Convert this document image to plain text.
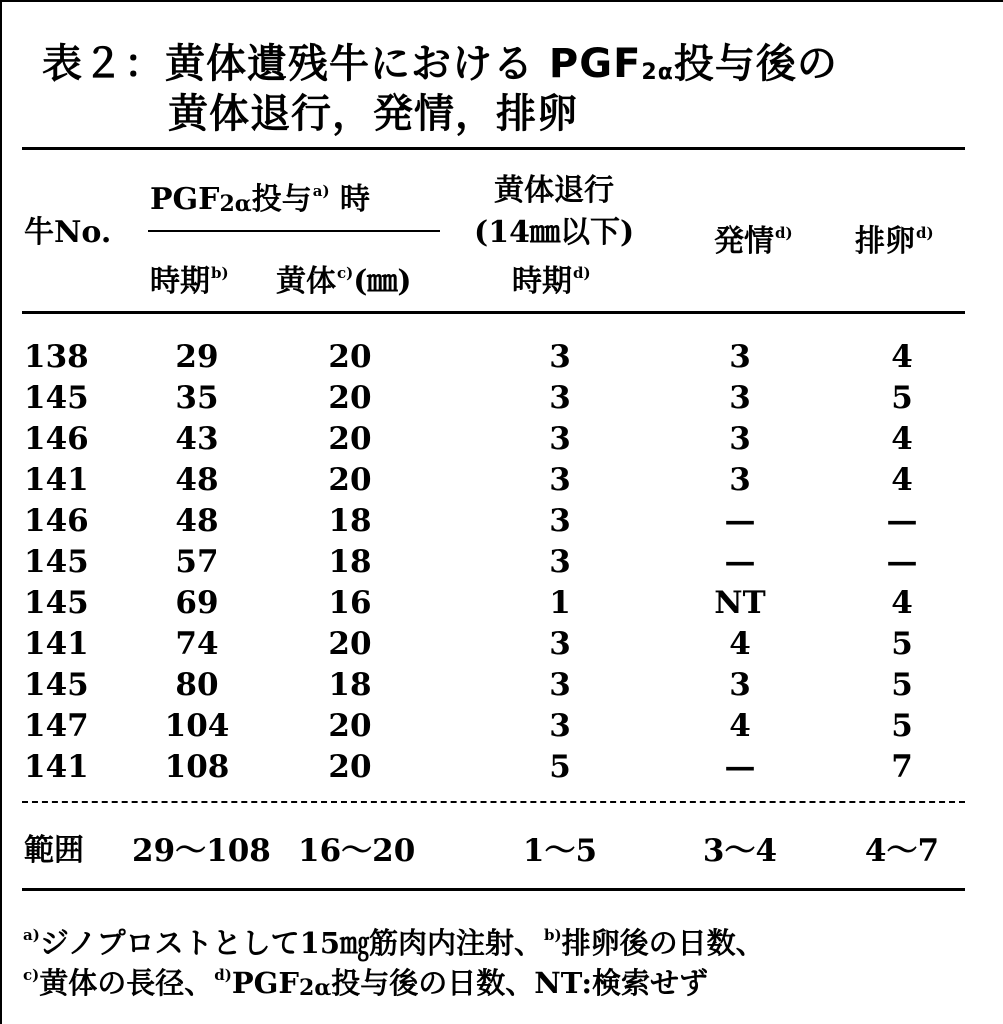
表２：黄体遺残牛における PGF2α投与後の
黄体退行，発情，排卵
牛No.
PGF2α投与$^{a)}$ 時
時期$^{b)}$ 黄体$^{c)}$(㎜)
黄体退行
(14㎜以下)
時期$^{d)}$
発情$^{d)}$ 排卵$^{d)}$
138	29	20	3	3	4
145	35	20	3	3	5
146	43	20	3	3	4
141	48	20	3	3	4
146	48	18	3	—	—
145	57	18	3	—	—
145	69	16	1	NT	4
141	74	20	3	4	5
145	80	18	3	3	5
147	104	20	3	4	5
141	108	20	5	—	7
範囲 29～108 16～20	1～5	3～4	4～7
$^{a)}$ジノプロストとして15㎎筋肉内注射、$^{b)}$排卵後の日数、
$^{c)}$黄体の長径、$^{d)}$PGF2α投与後の日数、NT:検索せず
